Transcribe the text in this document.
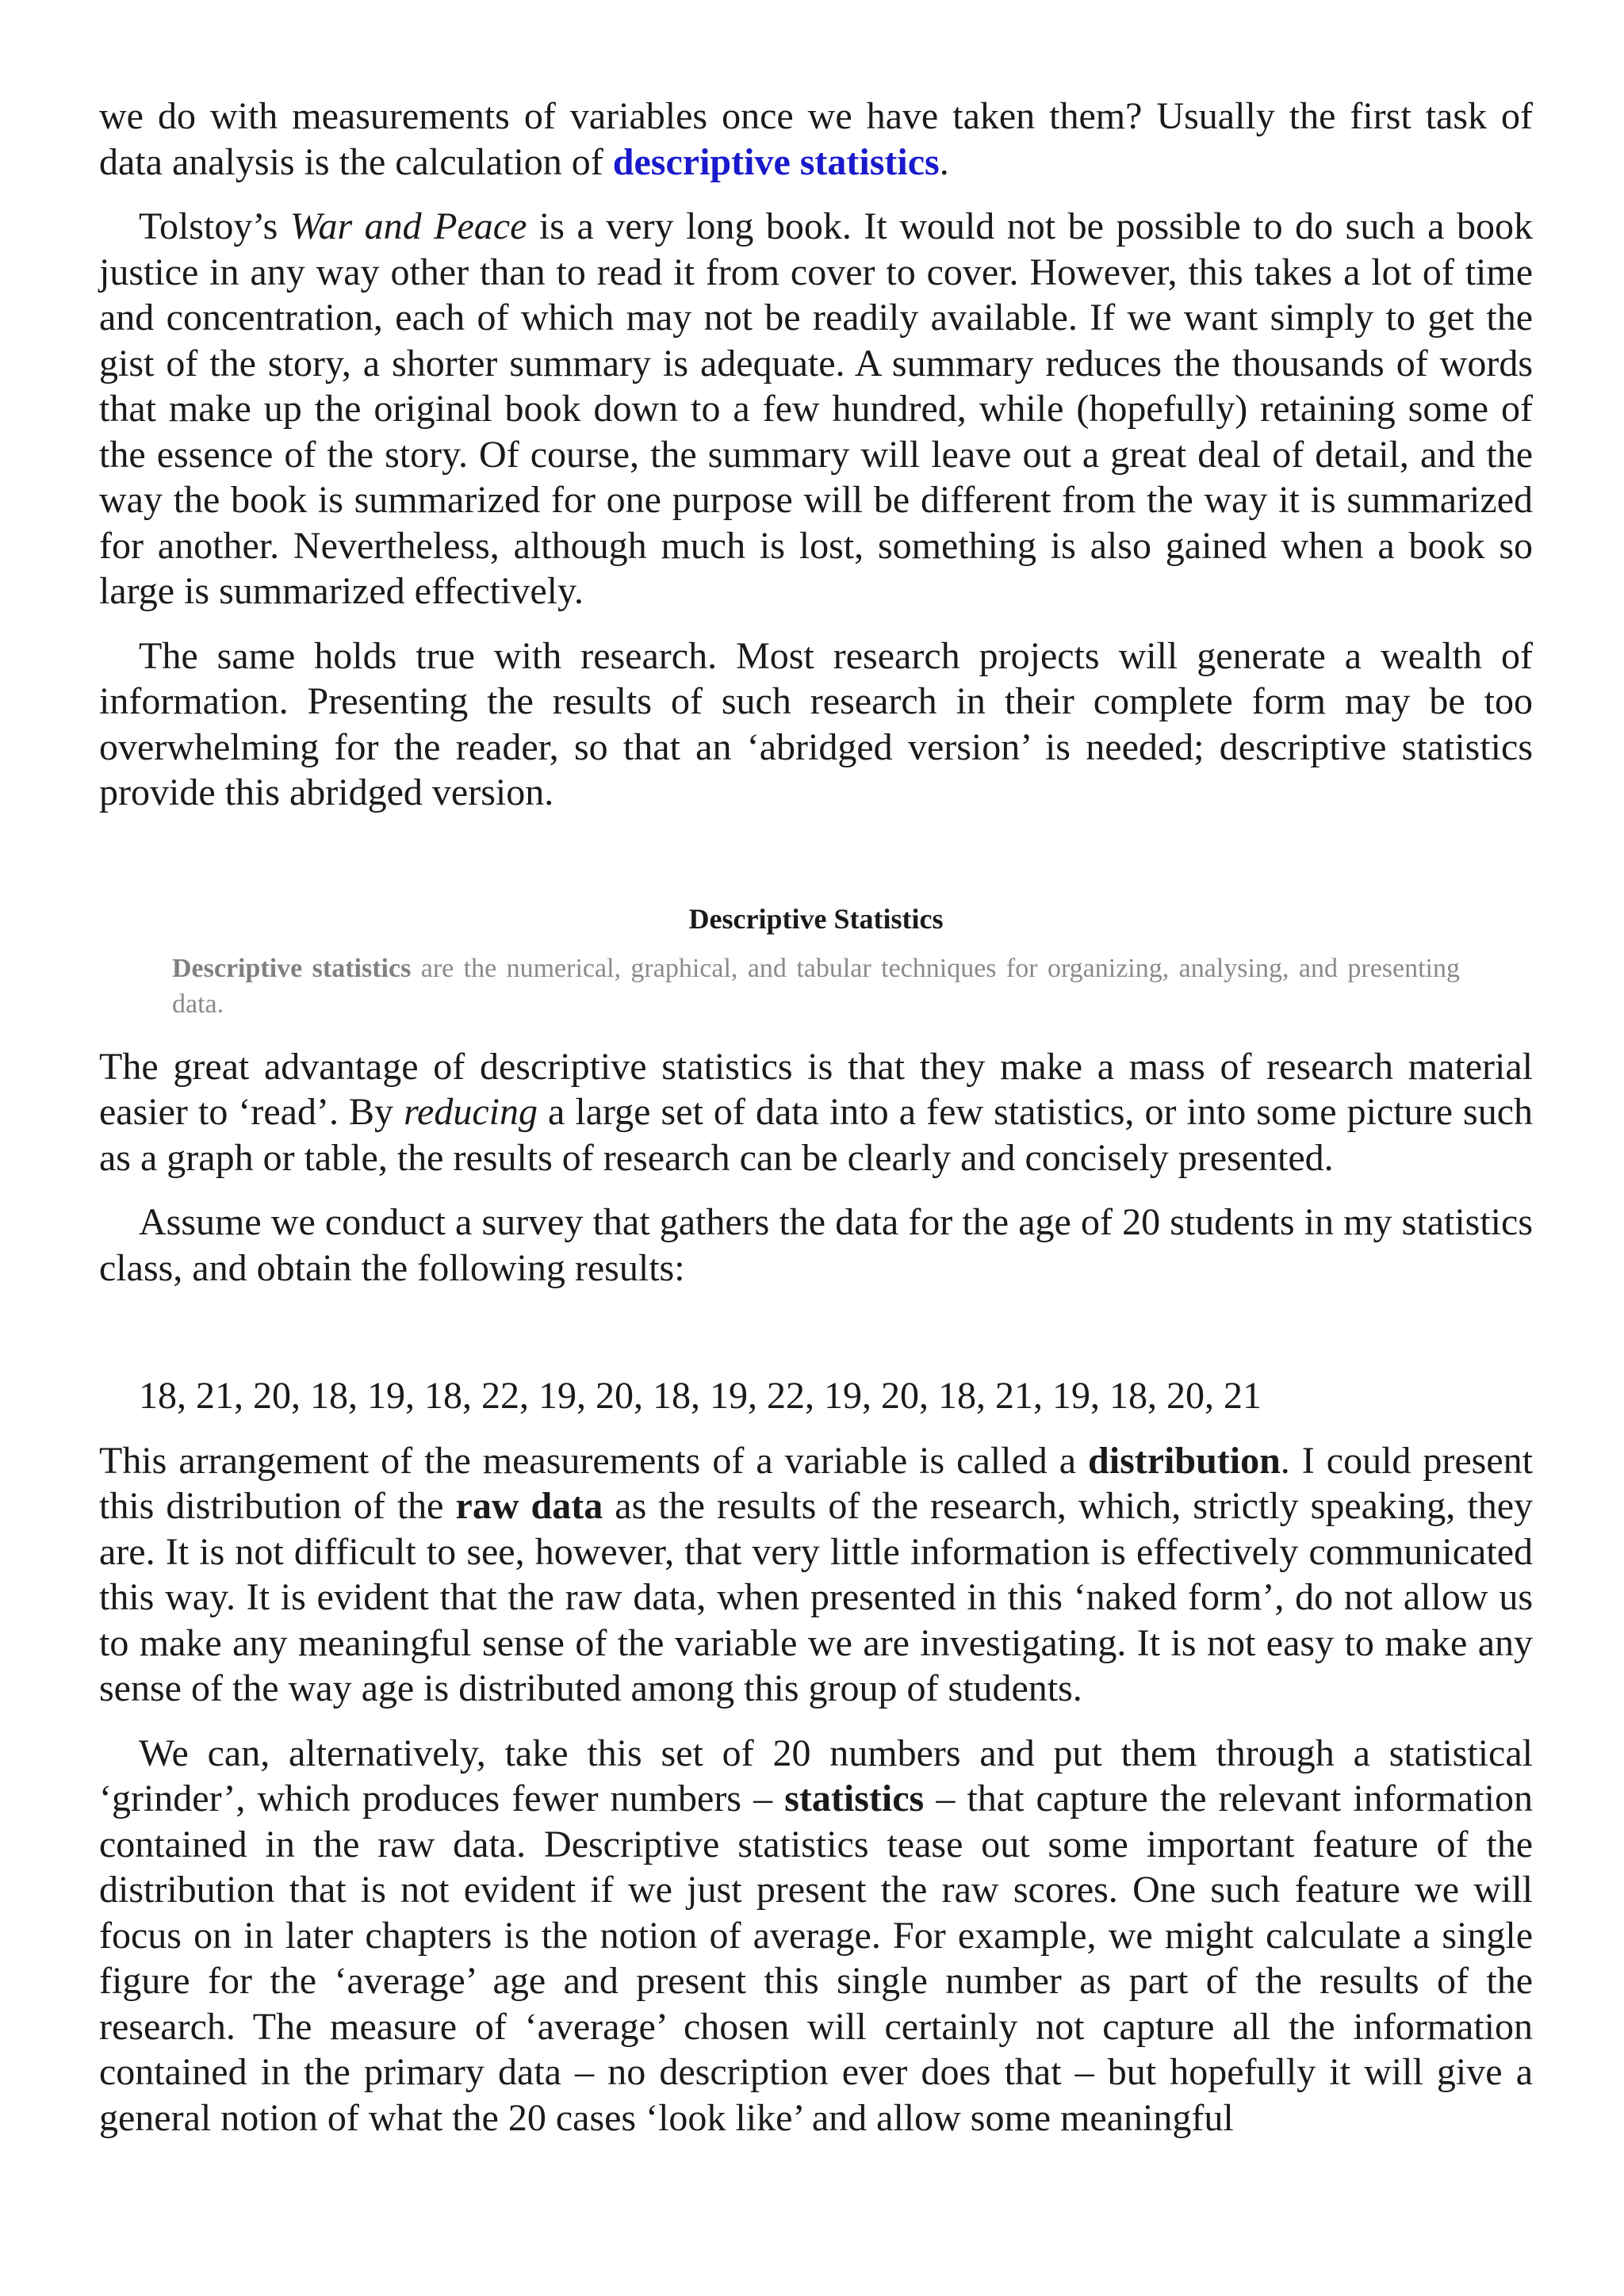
we do with measurements of variables once we have taken them? Usually the first task of data analysis is the calculation of descriptive statistics.

Tolstoy’s War and Peace is a very long book. It would not be possible to do such a book justice in any way other than to read it from cover to cover. However, this takes a lot of time and concentration, each of which may not be readily available. If we want simply to get the gist of the story, a shorter summary is adequate. A summary reduces the thousands of words that make up the original book down to a few hundred, while (hopefully) retaining some of the essence of the story. Of course, the summary will leave out a great deal of detail, and the way the book is summarized for one purpose will be different from the way it is summarized for another. Nevertheless, although much is lost, something is also gained when a book so large is summarized effectively.

The same holds true with research. Most research projects will generate a wealth of information. Presenting the results of such research in their complete form may be too overwhelming for the reader, so that an ‘abridged version’ is needed; descriptive statistics provide this abridged version.

Descriptive Statistics
Descriptive statistics are the numerical, graphical, and tabular techniques for organizing, analysing, and presenting data.

The great advantage of descriptive statistics is that they make a mass of research material easier to ‘read’. By reducing a large set of data into a few statistics, or into some picture such as a graph or table, the results of research can be clearly and concisely presented.

Assume we conduct a survey that gathers the data for the age of 20 students in my statistics class, and obtain the following results:

18, 21, 20, 18, 19, 18, 22, 19, 20, 18, 19, 22, 19, 20, 18, 21, 19, 18, 20, 21

This arrangement of the measurements of a variable is called a distribution. I could present this distribution of the raw data as the results of the research, which, strictly speaking, they are. It is not difficult to see, however, that very little information is effectively communicated this way. It is evident that the raw data, when presented in this ‘naked form’, do not allow us to make any meaningful sense of the variable we are investigating. It is not easy to make any sense of the way age is distributed among this group of students.

We can, alternatively, take this set of 20 numbers and put them through a statistical ‘grinder’, which produces fewer numbers – statistics – that capture the relevant information contained in the raw data. Descriptive statistics tease out some important feature of the distribution that is not evident if we just present the raw scores. One such feature we will focus on in later chapters is the notion of average. For example, we might calculate a single figure for the ‘average’ age and present this single number as part of the results of the research. The measure of ‘average’ chosen will certainly not capture all the information contained in the primary data – no description ever does that – but hopefully it will give a general notion of what the 20 cases ‘look like’ and allow some meaningful
